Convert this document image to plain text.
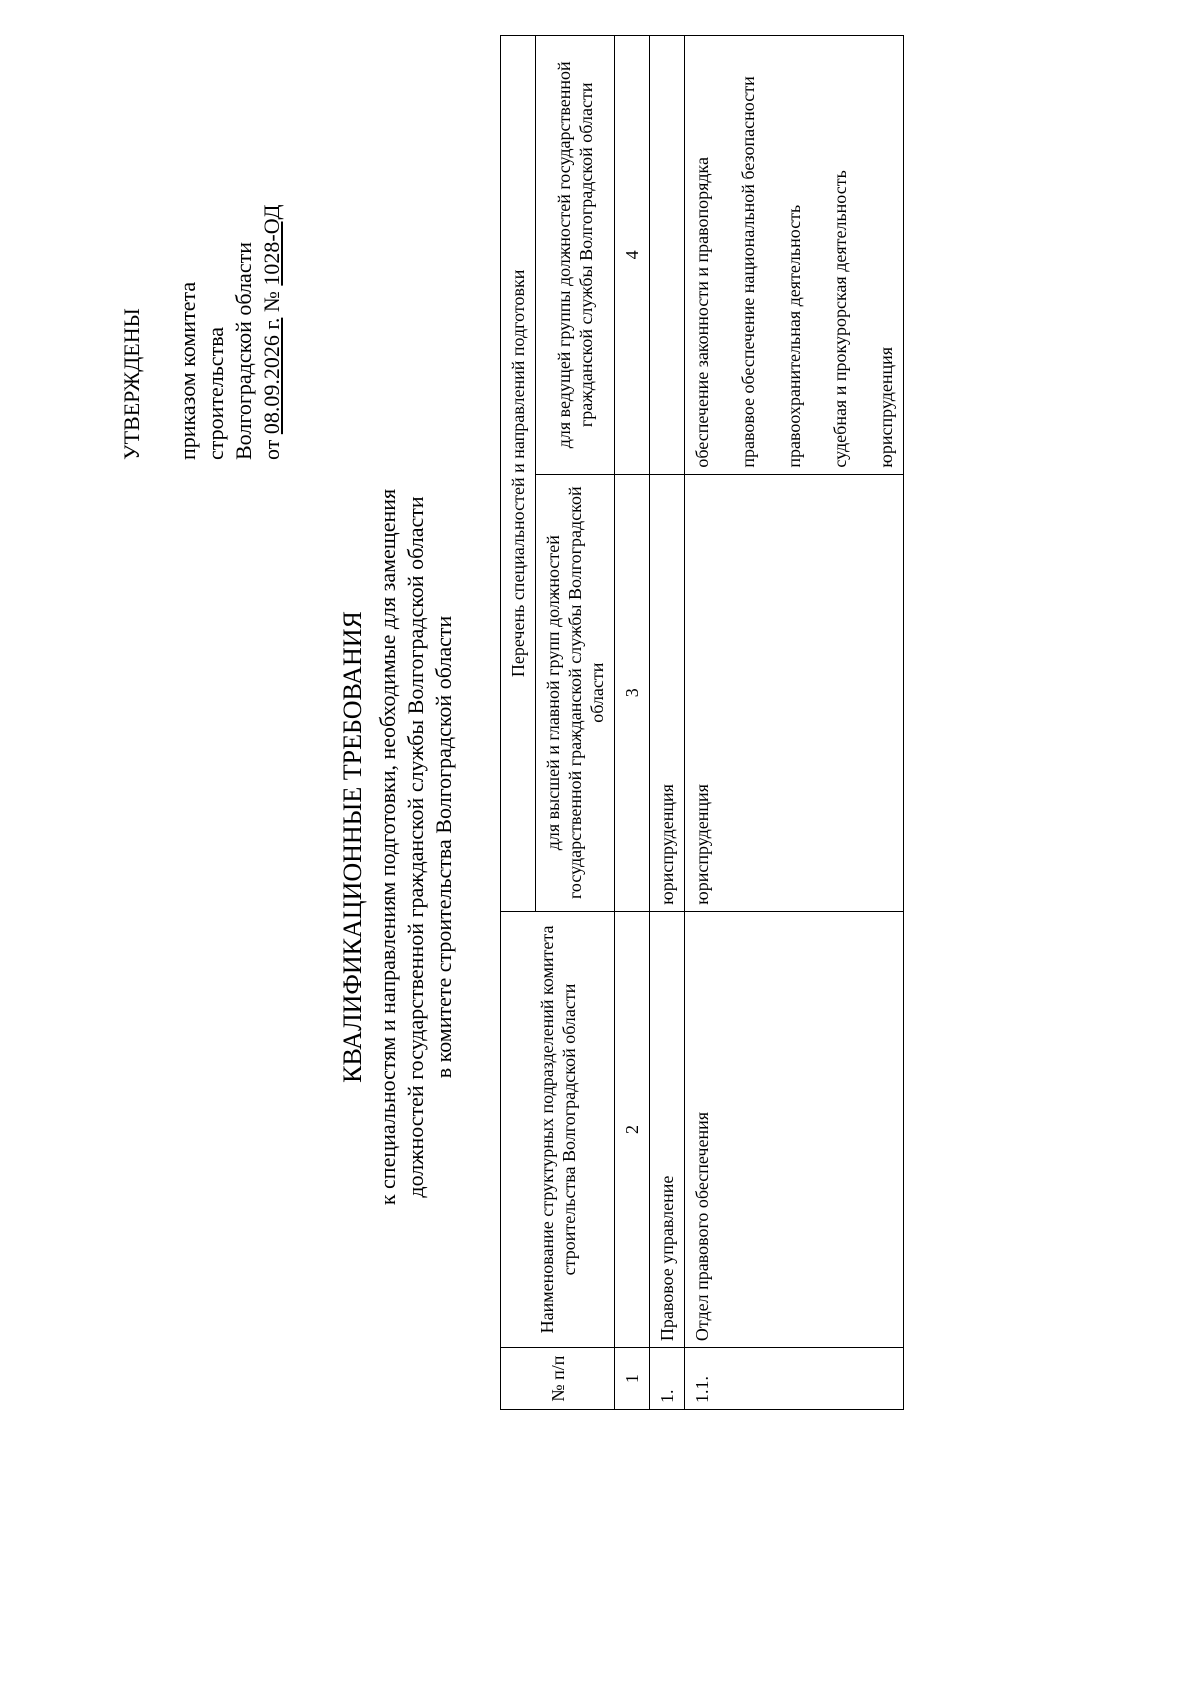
УТВЕРЖДЕНЫ приказом комитета строительства Волгоградской области от 08.09.2026 г. № 1028-ОД
КВАЛИФИКАЦИОННЫЕ ТРЕБОВАНИЯ к специальностям и направлениям подготовки, необходимые для замещения должностей государственной гражданской службы Волгоградской области в комитете строительства Волгоградской области
№ п/п	Наименование структурных подразделений комитета строительства Волгоградской области	Перечень специальностей и направлений подготовки	
		для высшей и главной групп должностей государственной гражданской службы Волгоградской области	для ведущей группы должностей государственной гражданской службы Волгоградской области
1	2	3	4
1.	Правовое управление	юриспруденция	

1.1.	Отдел правового обеспечения	юриспруденция	обеспечение законности и правопорядка правовое обеспечение национальной безопасности правоохранительная деятельность судебная и прокурорская деятельность юриспруденция
